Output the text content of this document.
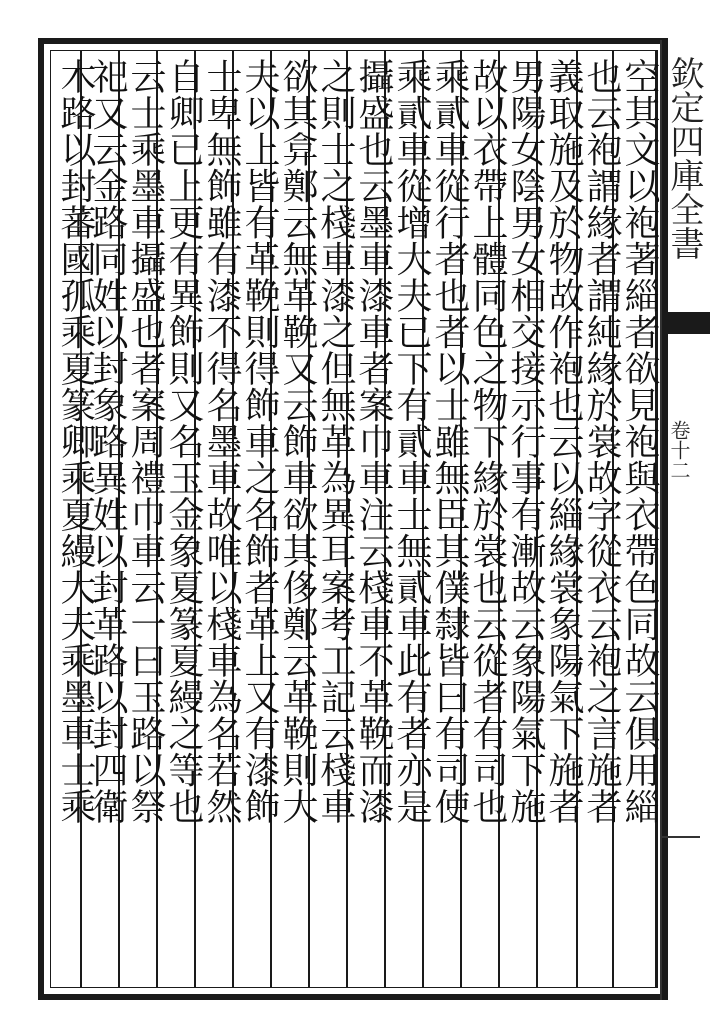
欽定四庫全書
卷十二
空其文以袍著緇者欲見袍與衣帶色同故云俱用緇
也云袍謂緣者謂純緣於裳故字從衣云袍之言施者
義取施及於物故作袍也云以緇緣裳象陽氣下施者
男陽女陰男女相交接示行事有漸故云象陽氣下施
故以衣帶上體同色之物下緣於裳也云從者有司也
乘貳車從行者也者以士雖無臣其僕隸皆曰有司使
乘貳車從增大夫已下有貳車士無貳車此有者亦是
攝盛也云墨車漆車者案巾車注云棧車不革鞔而漆
之則士之棧車漆之但無革為異耳案考工記云棧車
欲其弇鄭云無革鞔又云飾車欲其侈鄭云革鞔則大
夫以上皆有革鞔則得飾車之名飾者革上又有漆飾
士卑無飾雖有漆不得名墨車故唯以棧車為名若然
自卿已上更有異飾則又名玉金象夏篆夏縵之等也
云士乘墨車攝盛也者案周禮巾車云一曰玉路以祭
祀又云金路同姓以封象路異姓以封革路以封四衛
木路以封蕃國孤乘夏篆卿乘夏縵大夫乘墨車士乘
